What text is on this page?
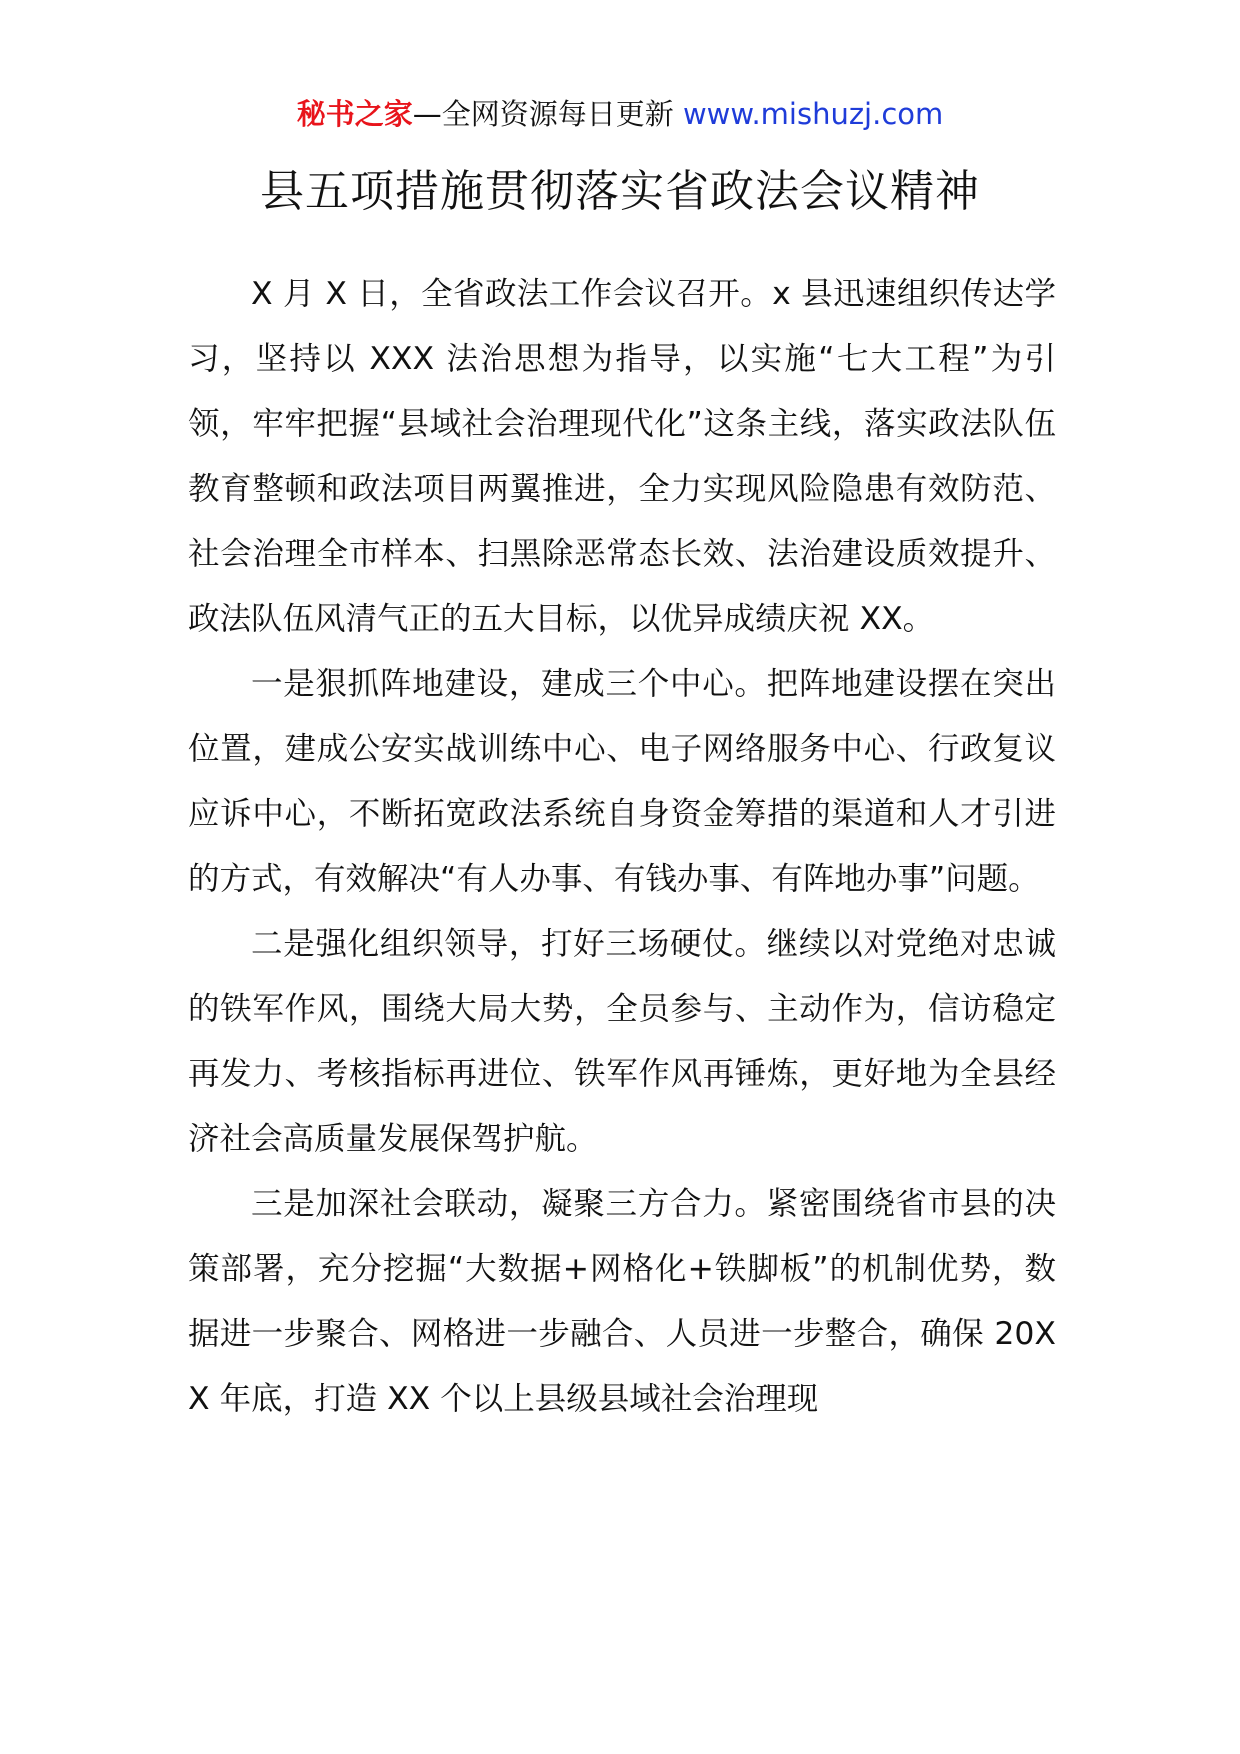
秘书之家—全网资源每日更新 www.mishuzj.com
县五项措施贯彻落实省政法会议精神

X 月 X 日，全省政法工作会议召开。x 县迅速组织传达学习，坚持以 XXX 法治思想为指导，以实施“七大工程”为引领，牢牢把握“县域社会治理现代化”这条主线，落实政法队伍教育整顿和政法项目两翼推进，全力实现风险隐患有效防范、社会治理全市样本、扫黑除恶常态长效、法治建设质效提升、政法队伍风清气正的五大目标，以优异成绩庆祝 XX。

一是狠抓阵地建设，建成三个中心。把阵地建设摆在突出位置，建成公安实战训练中心、电子网络服务中心、行政复议应诉中心，不断拓宽政法系统自身资金筹措的渠道和人才引进的方式，有效解决“有人办事、有钱办事、有阵地办事”问题。

二是强化组织领导，打好三场硬仗。继续以对党绝对忠诚的铁军作风，围绕大局大势，全员参与、主动作为，信访稳定再发力、考核指标再进位、铁军作风再锤炼，更好地为全县经济社会高质量发展保驾护航。

三是加深社会联动，凝聚三方合力。紧密围绕省市县的决策部署，充分挖掘“大数据+网格化+铁脚板”的机制优势，数据进一步聚合、网格进一步融合、人员进一步整合，确保 20XX 年底，打造 XX 个以上县级县域社会治理现
